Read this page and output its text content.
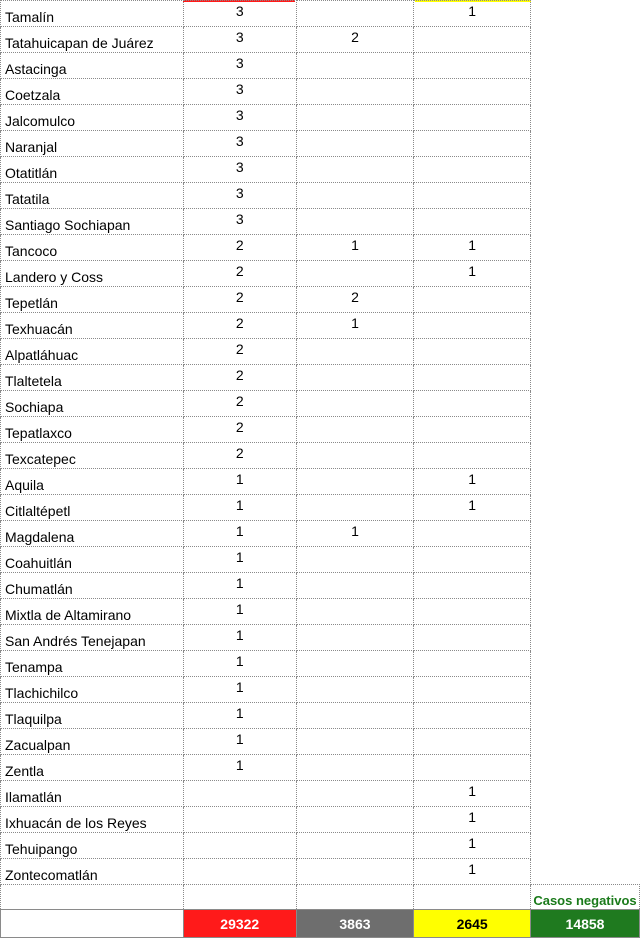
Tamalín	3		1	
Tatahuicapan de Juárez	3	2		
Astacinga	3			
Coetzala	3			
Jalcomulco	3			
Naranjal	3			
Otatitlán	3			
Tatatila	3			
Santiago Sochiapan	3			
Tancoco	2	1	1	
Landero y Coss	2		1	
Tepetlán	2	2		
Texhuacán	2	1		
Alpatláhuac	2			
Tlaltetela	2			
Sochiapa	2			
Tepatlaxco	2			
Texcatepec	2			
Aquila	1		1	
Citlaltépetl	1		1	
Magdalena	1	1		
Coahuitlán	1			
Chumatlán	1			
Mixtla de Altamirano	1			
San Andrés Tenejapan	1			
Tenampa	1			
Tlachichilco	1			
Tlaquilpa	1			
Zacualpan	1			
Zentla	1			
Ilamatlán			1	
Ixhuacán de los Reyes			1	
Tehuipango			1	
Zontecomatlán			1	
				Casos negativos
	29322	3863	2645	14858
